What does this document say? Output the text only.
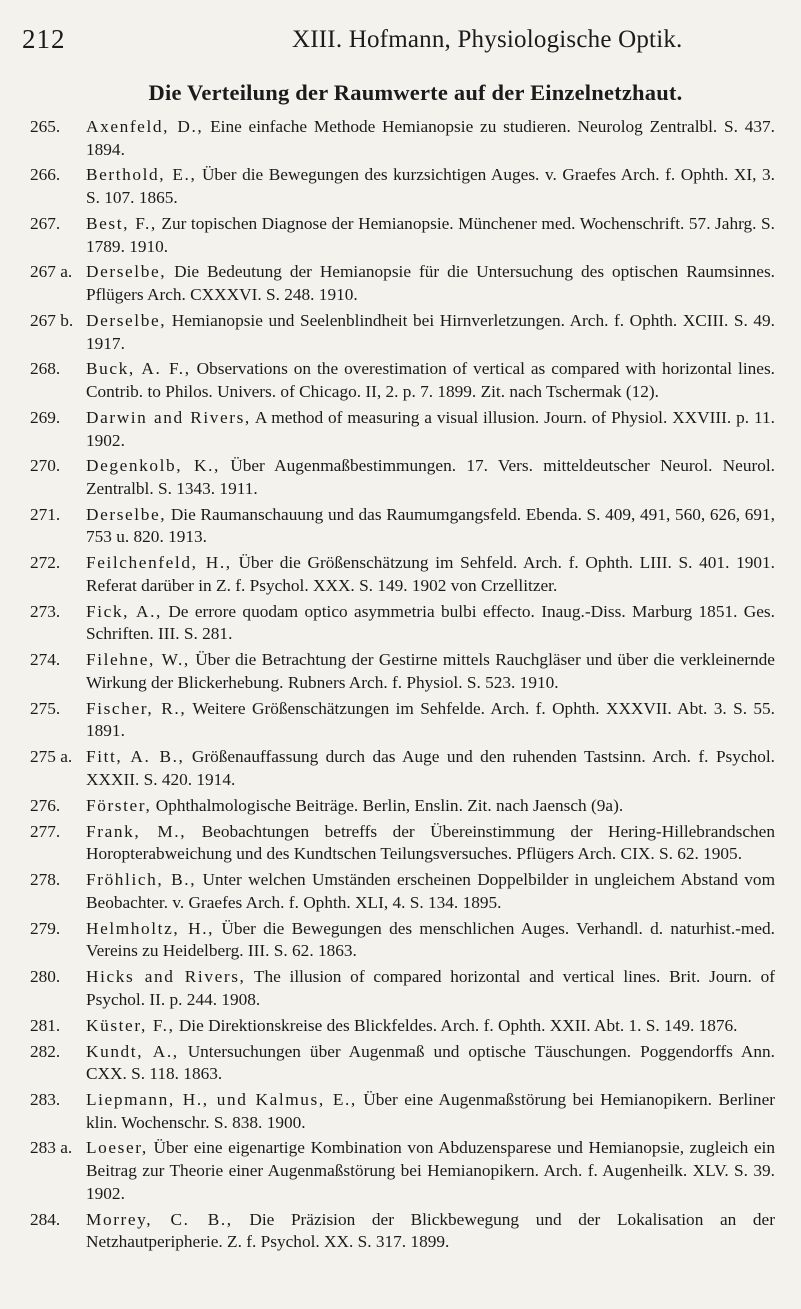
212	XIII. Hofmann, Physiologische Optik.
Die Verteilung der Raumwerte auf der Einzelnetzhaut.
265.	Axenfeld, D., Eine einfache Methode Hemianopsie zu studieren. Neurolog Zentralbl. S. 437. 1894.
266.	Berthold, E., Über die Bewegungen des kurzsichtigen Auges. v. Graefes Arch. f. Ophth. XI, 3. S. 107. 1865.
267.	Best, F., Zur topischen Diagnose der Hemianopsie. Münchener med. Wochenschrift. 57. Jahrg. S. 1789. 1910.
267 a. Derselbe, Die Bedeutung der Hemianopsie für die Untersuchung des optischen Raumsinnes. Pflügers Arch. CXXXVI. S. 248. 1910.
267 b. Derselbe, Hemianopsie und Seelenblindheit bei Hirnverletzungen. Arch. f. Ophth. XCIII. S. 49. 1917.
268.	Buck, A. F., Observations on the overestimation of vertical as compared with horizontal lines. Contrib. to Philos. Univers. of Chicago. II, 2. p. 7. 1899. Zit. nach Tschermak (12).
269.	Darwin and Rivers, A method of measuring a visual illusion. Journ. of Physiol. XXVIII. p. 11. 1902.
270.	Degenkolb, K., Über Augenmaßbestimmungen. 17. Vers. mitteldeutscher Neurol. Neurol. Zentralbl. S. 1343. 1911.
271.	Derselbe, Die Raumanschauung und das Raumumgangsfeld. Ebenda. S. 409, 491, 560, 626, 691, 753 u. 820. 1913.
272.	Feilchenfeld, H., Über die Größenschätzung im Sehfeld. Arch. f. Ophth. LIII. S. 401. 1901. Referat darüber in Z. f. Psychol. XXX. S. 149. 1902 von Crzellitzer.
273.	Fick, A., De errore quodam optico asymmetria bulbi effecto. Inaug.-Diss. Marburg 1851. Ges. Schriften. III. S. 281.
274.	Filehne, W., Über die Betrachtung der Gestirne mittels Rauchgläser und über die verkleinernde Wirkung der Blickerhebung. Rubners Arch. f. Physiol. S. 523. 1910.
275.	Fischer, R., Weitere Größenschätzungen im Sehfelde. Arch. f. Ophth. XXXVII. Abt. 3. S. 55. 1891.
275 a. Fitt, A. B., Größenauffassung durch das Auge und den ruhenden Tastsinn. Arch. f. Psychol. XXXII. S. 420. 1914.
276.	Förster, Ophthalmologische Beiträge. Berlin, Enslin. Zit. nach Jaensch (9a).
277.	Frank, M., Beobachtungen betreffs der Übereinstimmung der Hering-Hillebrandschen Horopterabweichung und des Kundtschen Teilungsversuches. Pflügers Arch. CIX. S. 62. 1905.
278.	Fröhlich, B., Unter welchen Umständen erscheinen Doppelbilder in ungleichem Abstand vom Beobachter. v. Graefes Arch. f. Ophth. XLI, 4. S. 134. 1895.
279.	Helmholtz, H., Über die Bewegungen des menschlichen Auges. Verhandl. d. naturhist.-med. Vereins zu Heidelberg. III. S. 62. 1863.
280.	Hicks and Rivers, The illusion of compared horizontal and vertical lines. Brit. Journ. of Psychol. II. p. 244. 1908.
281.	Küster, F., Die Direktionskreise des Blickfeldes. Arch. f. Ophth. XXII. Abt. 1. S. 149. 1876.
282.	Kundt, A., Untersuchungen über Augenmaß und optische Täuschungen. Poggendorffs Ann. CXX. S. 118. 1863.
283.	Liepmann, H., und Kalmus, E., Über eine Augenmaßstörung bei Hemianopikern. Berliner klin. Wochenschr. S. 838. 1900.
283 a. Loeser, Über eine eigenartige Kombination von Abduzensparese und Hemianopsie, zugleich ein Beitrag zur Theorie einer Augenmaßstörung bei Hemianopikern. Arch. f. Augenheilk. XLV. S. 39. 1902.
284.	Morrey, C. B., Die Präzision der Blickbewegung und der Lokalisation an der Netzhautperipherie. Z. f. Psychol. XX. S. 317. 1899.
